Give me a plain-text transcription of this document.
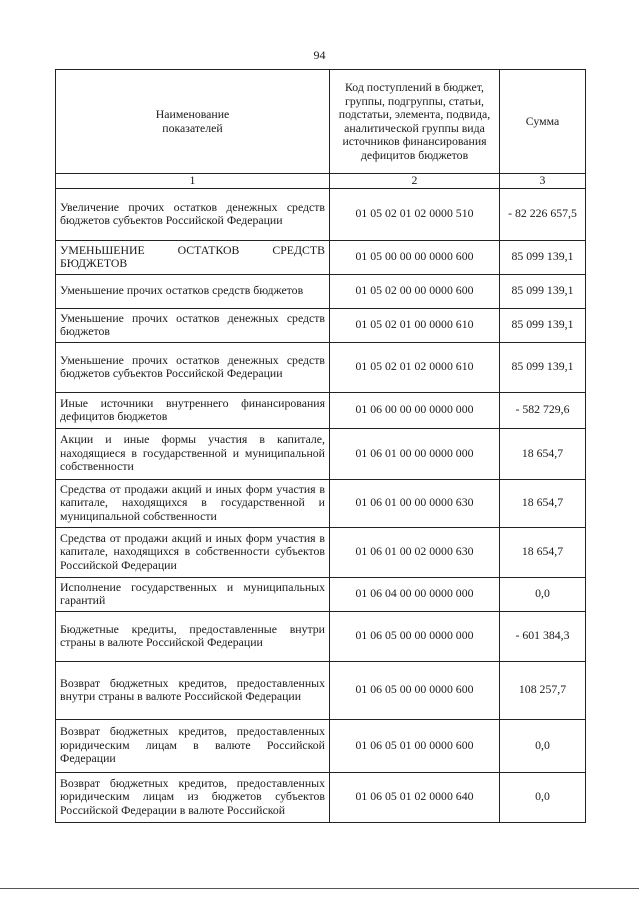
94
Наименование
показателей	Код поступлений в бюджет, группы, подгруппы, статьи, подстатьи, элемента, подвида, аналитической группы вида источников финансирования дефицитов бюджетов	Сумма
1	2	3
Увеличение прочих остатков денежных средств бюджетов субъектов Российской Федерации	01 05 02 01 02 0000 510	- 82 226 657,5
УМЕНЬШЕНИЕ ОСТАТКОВ СРЕДСТВ БЮДЖЕТОВ	01 05 00 00 00 0000 600	85 099 139,1
Уменьшение прочих остатков средств бюджетов	01 05 02 00 00 0000 600	85 099 139,1
Уменьшение прочих остатков денежных средств бюджетов	01 05 02 01 00 0000 610	85 099 139,1
Уменьшение прочих остатков денежных средств бюджетов субъектов Российской Федерации	01 05 02 01 02 0000 610	85 099 139,1
Иные источники внутреннего финансирования дефицитов бюджетов	01 06 00 00 00 0000 000	- 582 729,6
Акции и иные формы участия в капитале, находящиеся в государственной и муниципальной собственности	01 06 01 00 00 0000 000	18 654,7
Средства от продажи акций и иных форм участия в капитале, находящихся в государственной и муниципальной собственности	01 06 01 00 00 0000 630	18 654,7
Средства от продажи акций и иных форм участия в капитале, находящихся в собственности субъектов Российской Федерации	01 06 01 00 02 0000 630	18 654,7
Исполнение государственных и муниципальных гарантий	01 06 04 00 00 0000 000	0,0
Бюджетные кредиты, предоставленные внутри страны в валюте Российской Федерации	01 06 05 00 00 0000 000	- 601 384,3
Возврат бюджетных кредитов, предоставленных внутри страны в валюте Российской Федерации	01 06 05 00 00 0000 600	108 257,7
Возврат бюджетных кредитов, предоставленных юридическим лицам в валюте Российской Федерации	01 06 05 01 00 0000 600	0,0
Возврат бюджетных кредитов, предоставленных юридическим лицам из бюджетов субъектов Российской Федерации в валюте Российской	01 06 05 01 02 0000 640	0,0
